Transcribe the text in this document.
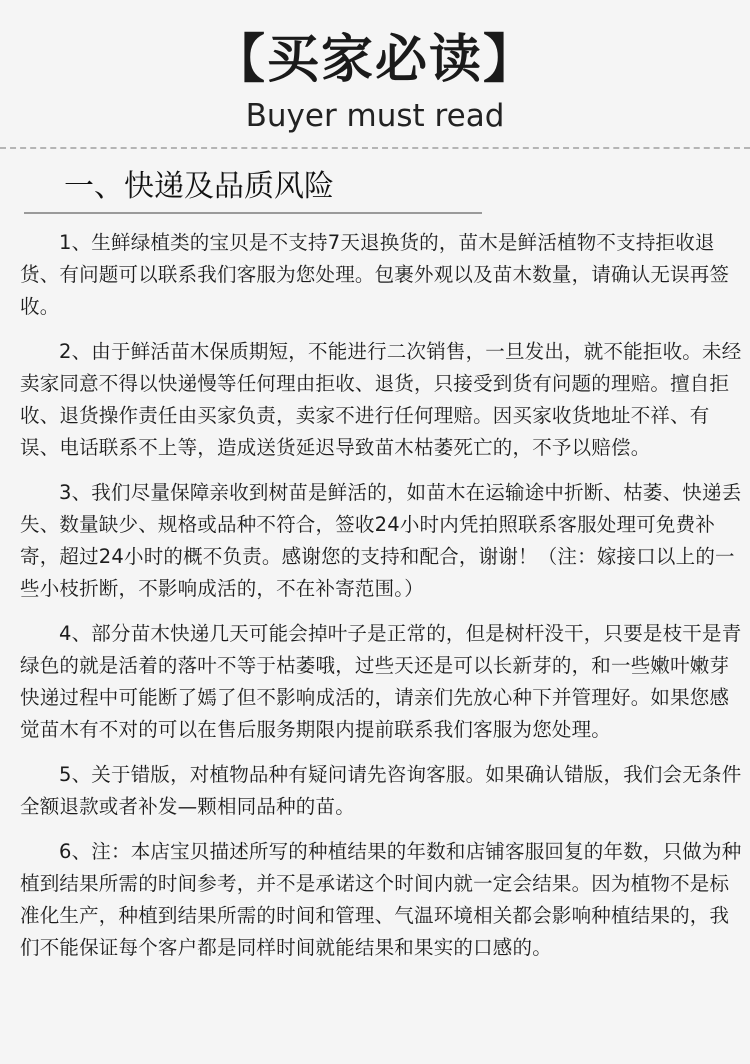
【买家必读】
Buyer must read
一、快递及品质风险

1、生鲜绿植类的宝贝是不支持7天退换货的，苗木是鲜活植物不支持拒收退货、有问题可以联系我们客服为您处理。包裹外观以及苗木数量，请确认无误再签收。

2、由于鲜活苗木保质期短，不能进行二次销售，一旦发出，就不能拒收。未经卖家同意不得以快递慢等任何理由拒收、退货，只接受到货有问题的理赔。擅自拒收、退货操作责任由买家负责，卖家不进行任何理赔。因买家收货地址不祥、有误、电话联系不上等，造成送货延迟导致苗木枯萎死亡的，不予以赔偿。

3、我们尽量保障亲收到树苗是鲜活的，如苗木在运输途中折断、枯萎、快递丢失、数量缺少、规格或品种不符合，签收24小时内凭拍照联系客服处理可免费补寄，超过24小时的概不负责。感谢您的支持和配合，谢谢！（注：嫁接口以上的一些小枝折断，不影响成活的，不在补寄范围。）

4、部分苗木快递几天可能会掉叶子是正常的，但是树杆没干，只要是枝干是青绿色的就是活着的落叶不等于枯萎哦，过些天还是可以长新芽的，和一些嫩叶嫩芽快递过程中可能断了嫣了但不影响成活的，请亲们先放心种下并管理好。如果您感觉苗木有不对的可以在售后服务期限内提前联系我们客服为您处理。

5、关于错版，对植物品种有疑问请先咨询客服。如果确认错版，我们会无条件全额退款或者补发—颗相同品种的苗。

6、注：本店宝贝描述所写的种植结果的年数和店铺客服回复的年数，只做为种植到结果所需的时间参考，并不是承诺这个时间内就一定会结果。因为植物不是标准化生产，种植到结果所需的时间和管理、气温环境相关都会影响种植结果的，我们不能保证每个客户都是同样时间就能结果和果实的口感的。
